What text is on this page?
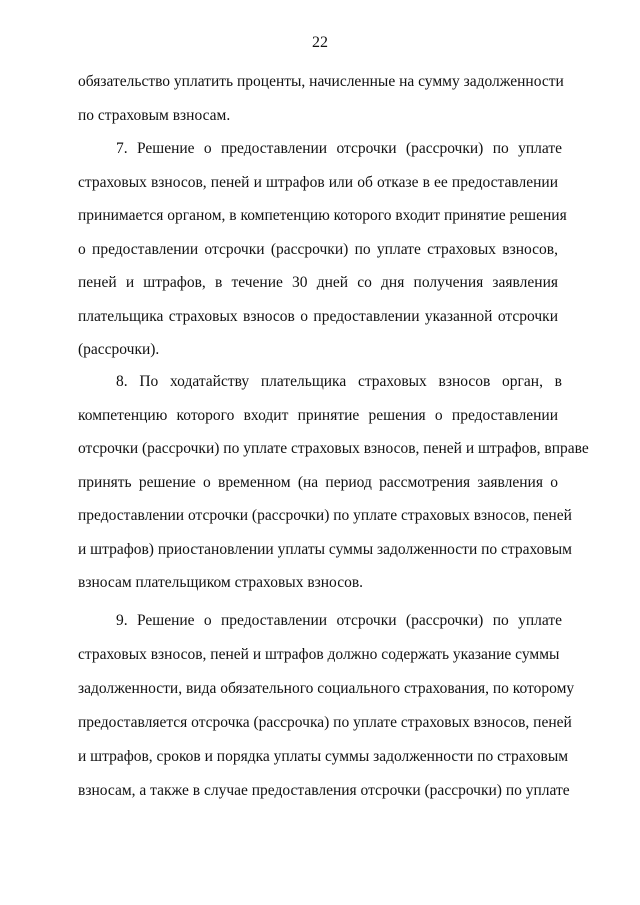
22
обязательство уплатить проценты, начисленные на сумму задолженности
по страховым взносам.
7. Решение о предоставлении отсрочки (рассрочки) по уплате
страховых взносов, пеней и штрафов или об отказе в ее предоставлении
принимается органом, в компетенцию которого входит принятие решения
о предоставлении отсрочки (рассрочки) по уплате страховых взносов,
пеней и штрафов, в течение 30 дней со дня получения заявления
плательщика страховых взносов о предоставлении указанной отсрочки
(рассрочки).
8. По ходатайству плательщика страховых взносов орган, в
компетенцию которого входит принятие решения о предоставлении
отсрочки (рассрочки) по уплате страховых взносов, пеней и штрафов, вправе
принять решение о временном (на период рассмотрения заявления о
предоставлении отсрочки (рассрочки) по уплате страховых взносов, пеней
и штрафов) приостановлении уплаты суммы задолженности по страховым
взносам плательщиком страховых взносов.
9. Решение о предоставлении отсрочки (рассрочки) по уплате
страховых взносов, пеней и штрафов должно содержать указание суммы
задолженности, вида обязательного социального страхования, по которому
предоставляется отсрочка (рассрочка) по уплате страховых взносов, пеней
и штрафов, сроков и порядка уплаты суммы задолженности по страховым
взносам, а также в случае предоставления отсрочки (рассрочки) по уплате
